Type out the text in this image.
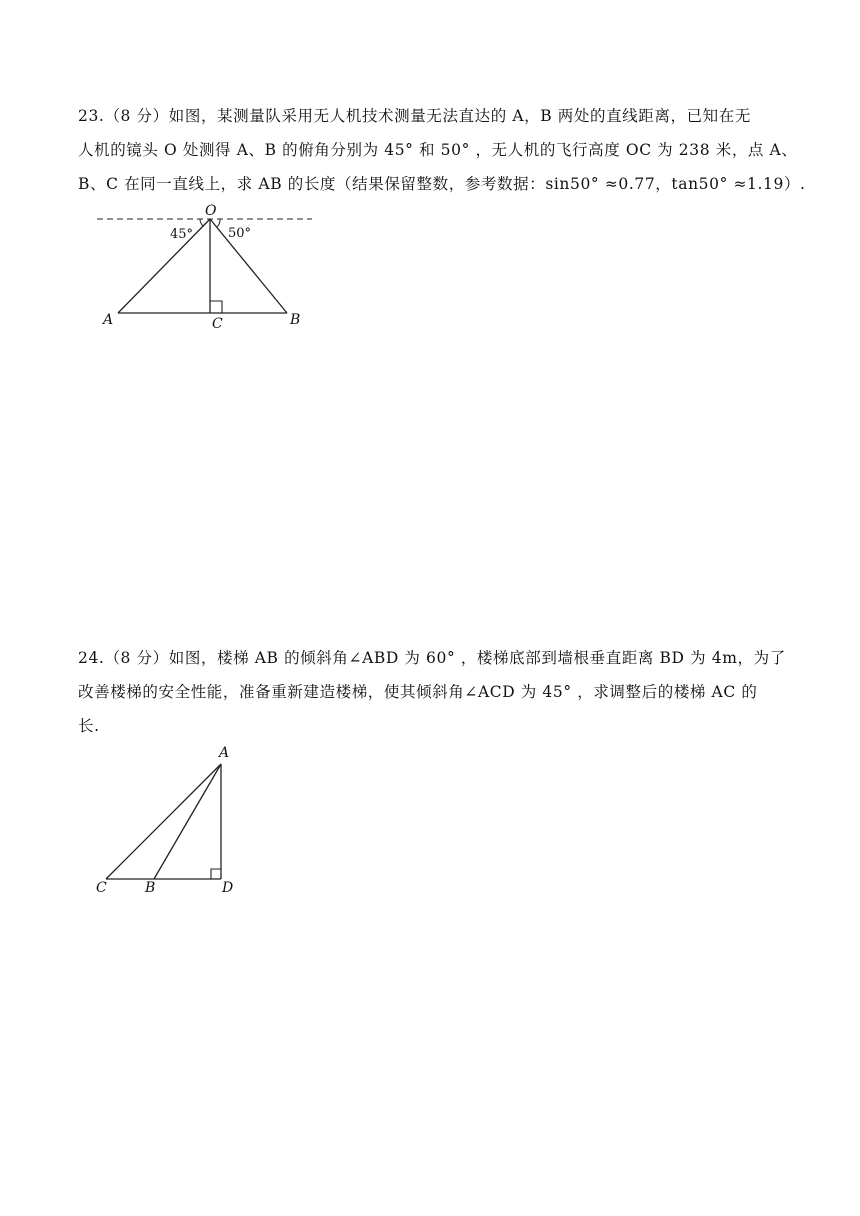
23.（8 分）如图，某测量队采用无人机技术测量无法直达的 A，B 两处的直线距离，已知在无
人机的镜头 O 处测得 A、B 的俯角分别为 45° 和 50° ，无人机的飞行高度 OC 为 238 米，点 A、
B、C 在同一直线上，求 AB 的长度（结果保留整数，参考数据：sin50° ≈0.77，tan50° ≈1.19）.
O
A	C	B
45°	50°
24.（8 分）如图，楼梯 AB 的倾斜角∠ABD 为 60° ，楼梯底部到墙根垂直距离 BD 为 4m，为了
改善楼梯的安全性能，准备重新建造楼梯，使其倾斜角∠ACD 为 45° ，求调整后的楼梯 AC 的
长.
A
C	B	D
